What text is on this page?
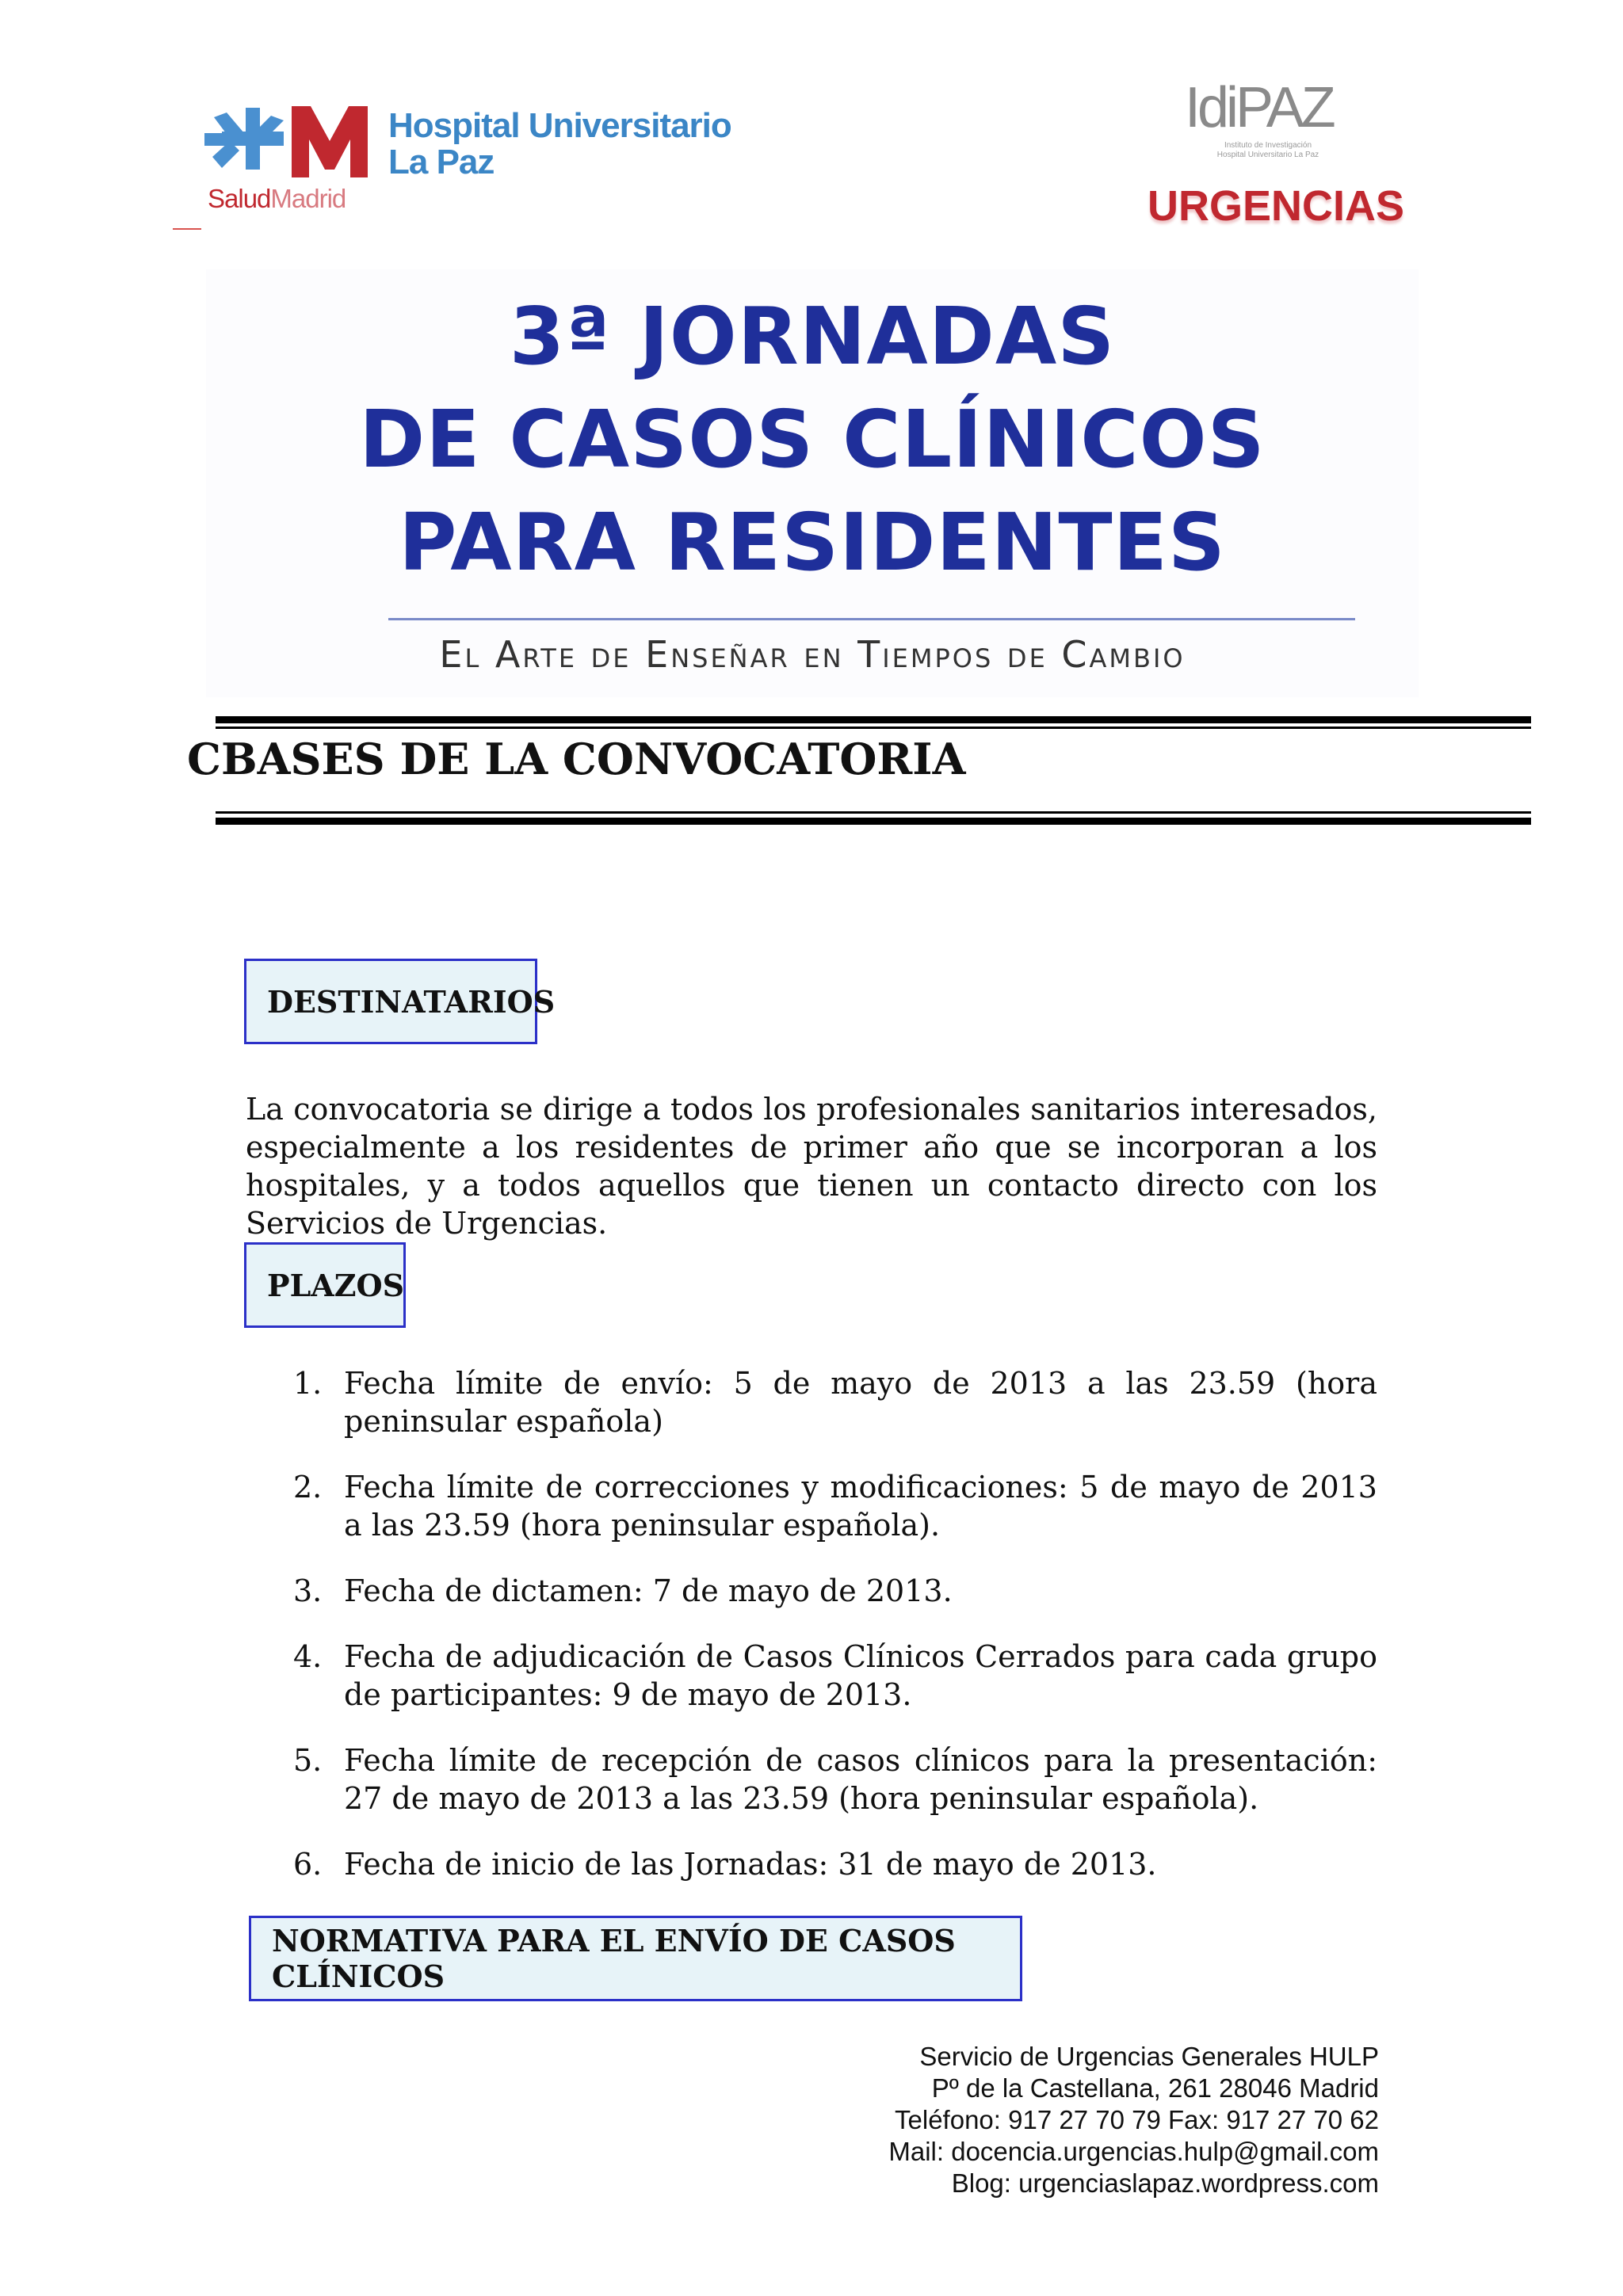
Hospital Universitario
La Paz
SaludMadrid
IdiPAZ
Instituto de Investigación
Hospital Universitario La Paz
URGENCIAS
3ª JORNADAS
DE CASOS CLÍNICOS
PARA RESIDENTES
El Arte de Enseñar en Tiempos de Cambio
CBASES DE LA CONVOCATORIA
DESTINATARIOS
La convocatoria se dirige a todos los profesionales sanitarios interesados, especialmente a los residentes de primer año que se incorporan a los hospitales, y a todos aquellos que tienen un contacto directo con los Servicios de Urgencias.
PLAZOS
1. Fecha límite de envío: 5 de mayo de 2013 a las 23.59 (hora peninsular española)
2. Fecha límite de correcciones y modificaciones: 5 de mayo de 2013 a las 23.59 (hora peninsular española).
3. Fecha de dictamen: 7 de mayo de 2013.
4. Fecha de adjudicación de Casos Clínicos Cerrados para cada grupo de participantes: 9 de mayo de 2013.
5. Fecha límite de recepción de casos clínicos para la presentación: 27 de mayo de 2013 a las 23.59 (hora peninsular española).
6. Fecha de inicio de las Jornadas: 31 de mayo de 2013.
NORMATIVA PARA EL ENVÍO DE CASOS CLÍNICOS
Servicio de Urgencias Generales HULP
Pº de la Castellana, 261 28046 Madrid
Teléfono: 917 27 70 79 Fax: 917 27 70 62
Mail: docencia.urgencias.hulp@gmail.com
Blog: urgenciaslapaz.wordpress.com
